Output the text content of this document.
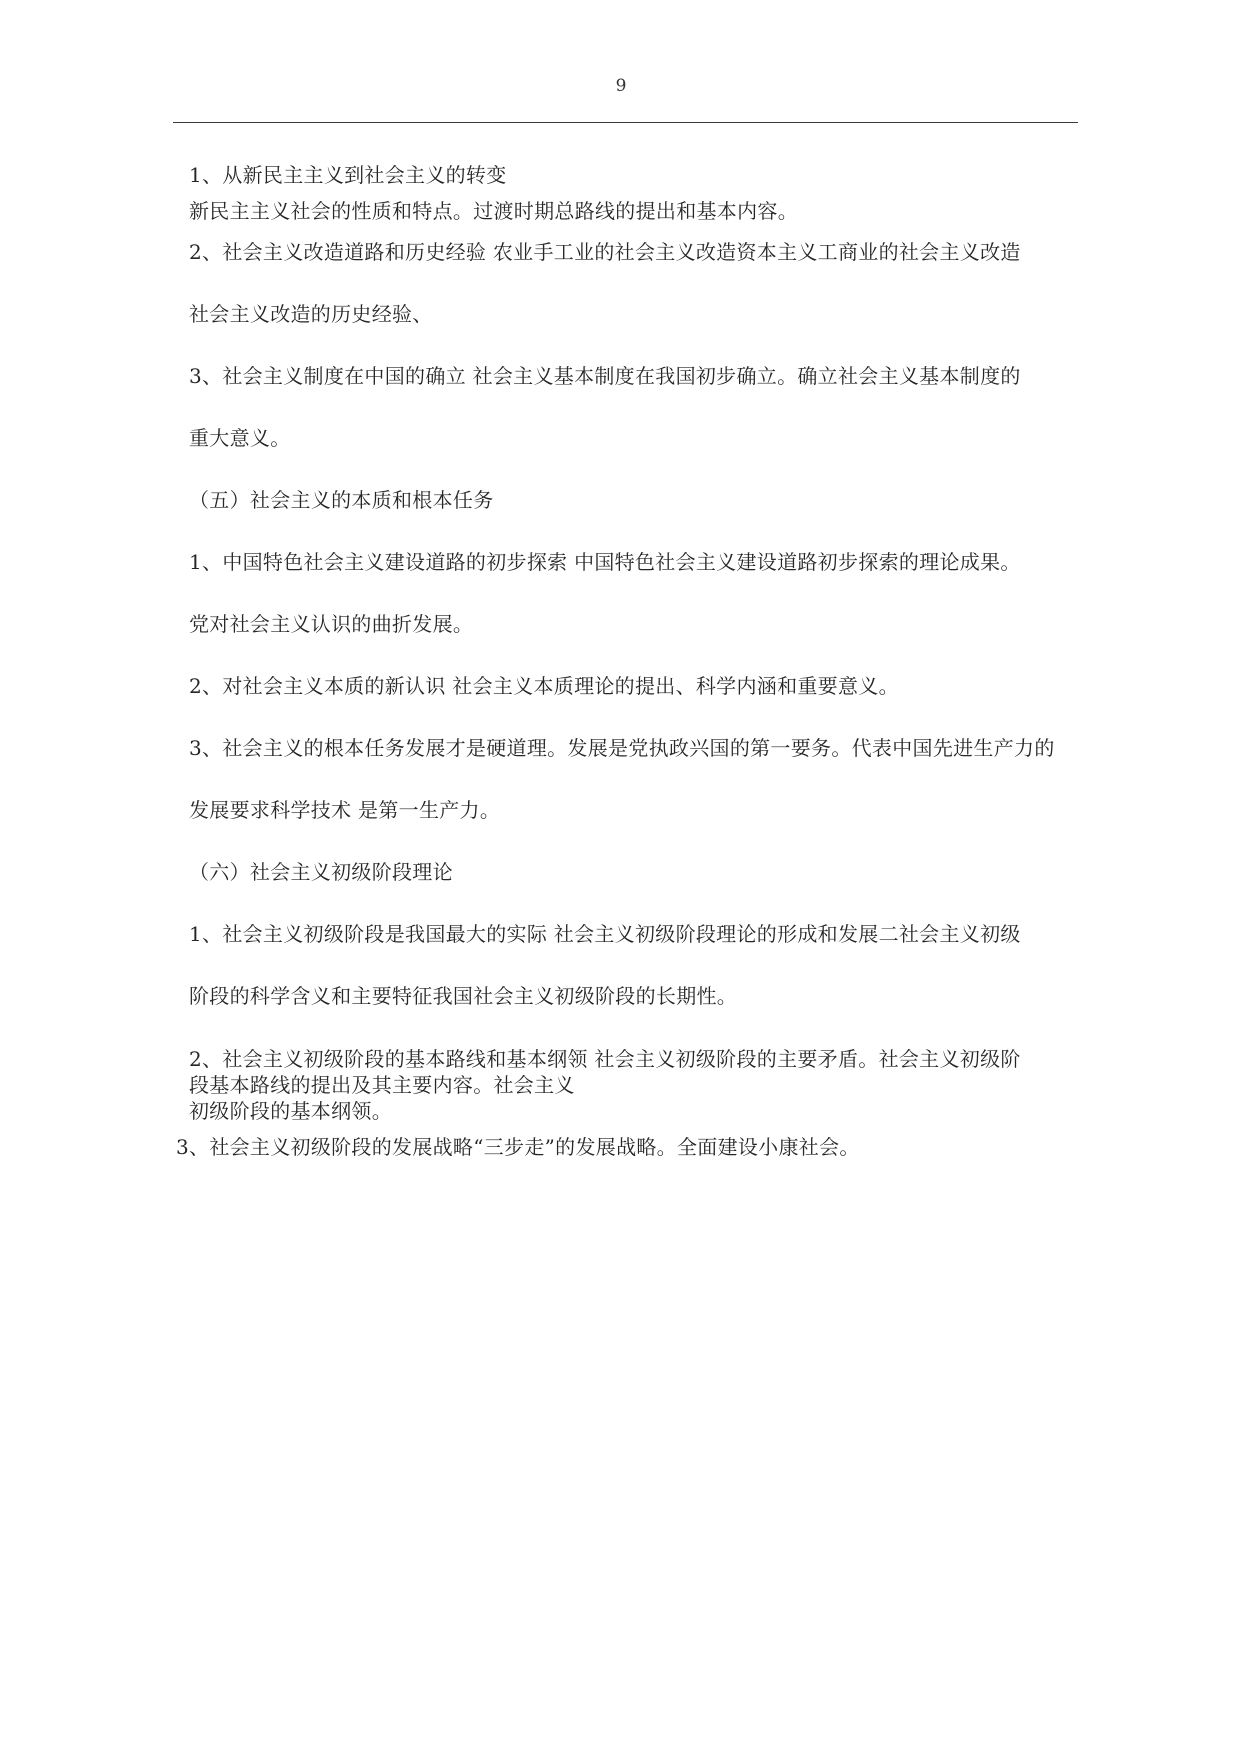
9
1、从新民主主义到社会主义的转变
新民主主义社会的性质和特点。过渡时期总路线的提出和基本内容。
2、社会主义改造道路和历史经验 农业手工业的社会主义改造资本主义工商业的社会主义改造
社会主义改造的历史经验、
3、社会主义制度在中国的确立 社会主义基本制度在我国初步确立。确立社会主义基本制度的
重大意义。
（五）社会主义的本质和根本任务
1、中国特色社会主义建设道路的初步探索 中国特色社会主义建设道路初步探索的理论成果。
党对社会主义认识的曲折发展。
2、对社会主义本质的新认识 社会主义本质理论的提出、科学内涵和重要意义。
3、社会主义的根本任务发展才是硬道理。发展是党执政兴国的第一要务。代表中国先进生产力的
发展要求科学技术 是第一生产力。
（六）社会主义初级阶段理论
1、社会主义初级阶段是我国最大的实际 社会主义初级阶段理论的形成和发展二社会主义初级
阶段的科学含义和主要特征我国社会主义初级阶段的长期性。
2、社会主义初级阶段的基本路线和基本纲领 社会主义初级阶段的主要矛盾。社会主义初级阶
段基本路线的提出及其主要内容。社会主义
初级阶段的基本纲领。
3、社会主义初级阶段的发展战略“三步走”的发展战略。全面建设小康社会。
